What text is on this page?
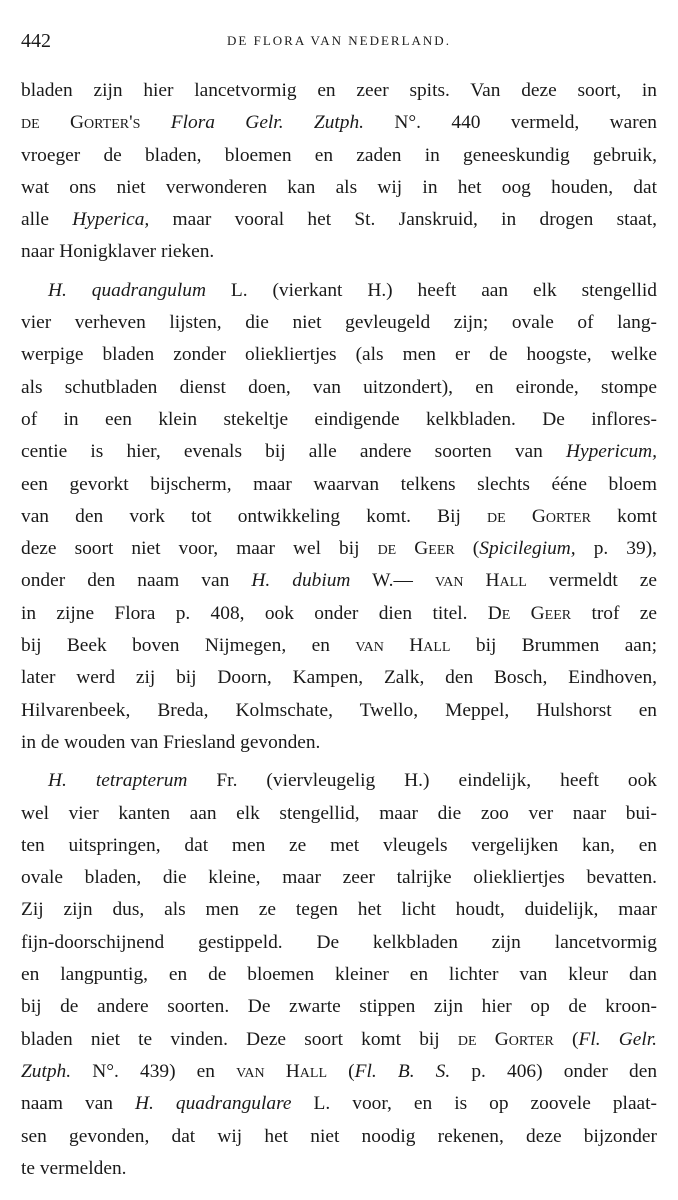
442	DE FLORA VAN NEDERLAND.
bladen zijn hier lancetvormig en zeer spits. Van deze soort, in
de Gorter's Flora Gelr. Zutph. N°. 440 vermeld, waren
vroeger de bladen, bloemen en zaden in geneeskundig gebruik,
wat ons niet verwonderen kan als wij in het oog houden, dat
alle Hyperica, maar vooral het St. Janskruid, in drogen staat,
naar Honigklaver rieken.
H. quadrangulum L. (vierkant H.) heeft aan elk stengellid
vier verheven lijsten, die niet gevleugeld zijn; ovale of lang-
werpige bladen zonder oliekliertjes (als men er de hoogste, welke
als schutbladen dienst doen, van uitzondert), en eironde, stompe
of in een klein stekeltje eindigende kelkbladen. De inflores-
centie is hier, evenals bij alle andere soorten van Hypericum,
een gevorkt bijscherm, maar waarvan telkens slechts ééne bloem
van den vork tot ontwikkeling komt. Bij de Gorter komt
deze soort niet voor, maar wel bij de Geer (Spicilegium, p. 39),
onder den naam van H. dubium W.— van Hall vermeldt ze
in zijne Flora p. 408, ook onder dien titel. De Geer trof ze
bij Beek boven Nijmegen, en van Hall bij Brummen aan;
later werd zij bij Doorn, Kampen, Zalk, den Bosch, Eindhoven,
Hilvarenbeek, Breda, Kolmschate, Twello, Meppel, Hulshorst en
in de wouden van Friesland gevonden.
H. tetrapterum Fr. (viervleugelig H.) eindelijk, heeft ook
wel vier kanten aan elk stengellid, maar die zoo ver naar bui-
ten uitspringen, dat men ze met vleugels vergelijken kan, en
ovale bladen, die kleine, maar zeer talrijke oliekliertjes bevatten.
Zij zijn dus, als men ze tegen het licht houdt, duidelijk, maar
fijn-doorschijnend gestippeld. De kelkbladen zijn lancetvormig
en langpuntig, en de bloemen kleiner en lichter van kleur dan
bij de andere soorten. De zwarte stippen zijn hier op de kroon-
bladen niet te vinden. Deze soort komt bij de Gorter (Fl. Gelr.
Zutph. N°. 439) en van Hall (Fl. B. S. p. 406) onder den
naam van H. quadrangulare L. voor, en is op zoovele plaat-
sen gevonden, dat wij het niet noodig rekenen, deze bijzonder
te vermelden.
